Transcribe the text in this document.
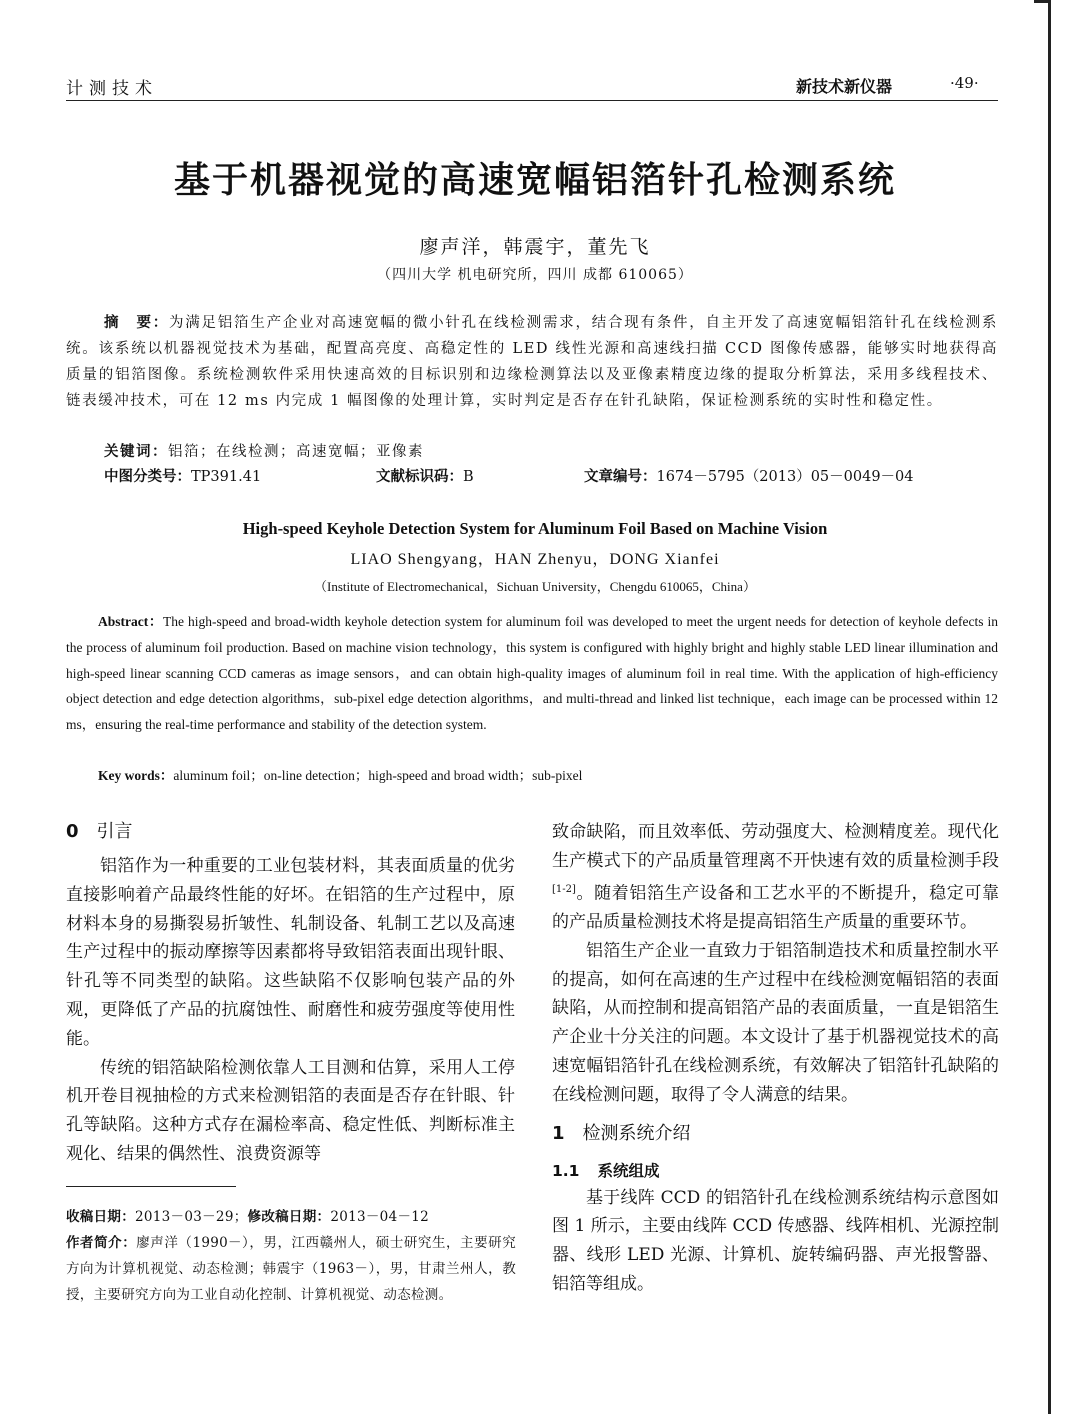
计测技术	新技术新仪器	·49·
基于机器视觉的高速宽幅铝箔针孔检测系统
廖声洋，韩震宇，董先飞
（四川大学 机电研究所，四川 成都 610065）
摘　要：为满足铝箔生产企业对高速宽幅的微小针孔在线检测需求，结合现有条件，自主开发了高速宽幅铝箔针孔在线检测系统。该系统以机器视觉技术为基础，配置高亮度、高稳定性的 LED 线性光源和高速线扫描 CCD 图像传感器，能够实时地获得高质量的铝箔图像。系统检测软件采用快速高效的目标识别和边缘检测算法以及亚像素精度边缘的提取分析算法，采用多线程技术、链表缓冲技术，可在 12 ms 内完成 1 幅图像的处理计算，实时判定是否存在针孔缺陷，保证检测系统的实时性和稳定性。
关键词：铝箔；在线检测；高速宽幅；亚像素
中图分类号：TP391.41	文献标识码：B	文章编号：1674－5795（2013）05－0049－04
High-speed Keyhole Detection System for Aluminum Foil Based on Machine Vision
LIAO Shengyang，HAN Zhenyu，DONG Xianfei
（Institute of Electromechanical，Sichuan University，Chengdu 610065，China）
Abstract：The high-speed and broad-width keyhole detection system for aluminum foil was developed to meet the urgent needs for detection of keyhole defects in the process of aluminum foil production. Based on machine vision technology，this system is configured with highly bright and highly stable LED linear illumination and high-speed linear scanning CCD cameras as image sensors，and can obtain high-quality images of aluminum foil in real time. With the application of high-efficiency object detection and edge detection algorithms，sub-pixel edge detection algorithms，and multi-thread and linked list technique，each image can be processed within 12 ms，ensuring the real-time performance and stability of the detection system.
Key words：aluminum foil；on-line detection；high-speed and broad width；sub-pixel
0 引言

铝箔作为一种重要的工业包装材料，其表面质量的优劣直接影响着产品最终性能的好坏。在铝箔的生产过程中，原材料本身的易撕裂易折皱性、轧制设备、轧制工艺以及高速生产过程中的振动摩擦等因素都将导致铝箔表面出现针眼、针孔等不同类型的缺陷。这些缺陷不仅影响包装产品的外观，更降低了产品的抗腐蚀性、耐磨性和疲劳强度等使用性能。

传统的铝箔缺陷检测依靠人工目测和估算，采用人工停机开卷目视抽检的方式来检测铝箔的表面是否存在针眼、针孔等缺陷。这种方式存在漏检率高、稳定性低、判断标准主观化、结果的偶然性、浪费资源等

致命缺陷，而且效率低、劳动强度大、检测精度差。现代化生产模式下的产品质量管理离不开快速有效的质量检测手段[1-2]。随着铝箔生产设备和工艺水平的不断提升，稳定可靠的产品质量检测技术将是提高铝箔生产质量的重要环节。

铝箔生产企业一直致力于铝箔制造技术和质量控制水平的提高，如何在高速的生产过程中在线检测宽幅铝箔的表面缺陷，从而控制和提高铝箔产品的表面质量，一直是铝箔生产企业十分关注的问题。本文设计了基于机器视觉技术的高速宽幅铝箔针孔在线检测系统，有效解决了铝箔针孔缺陷的在线检测问题，取得了令人满意的结果。

1 检测系统介绍
1.1 系统组成

基于线阵 CCD 的铝箔针孔在线检测系统结构示意图如图 1 所示，主要由线阵 CCD 传感器、线阵相机、光源控制器、线形 LED 光源、计算机、旋转编码器、声光报警器、铝箔等组成。

收稿日期：2013－03－29；修改稿日期：2013－04－12
作者简介：廖声洋（1990－），男，江西赣州人，硕士研究生，主要研究方向为计算机视觉、动态检测；韩震宇（1963－），男，甘肃兰州人，教授，主要研究方向为工业自动化控制、计算机视觉、动态检测。
